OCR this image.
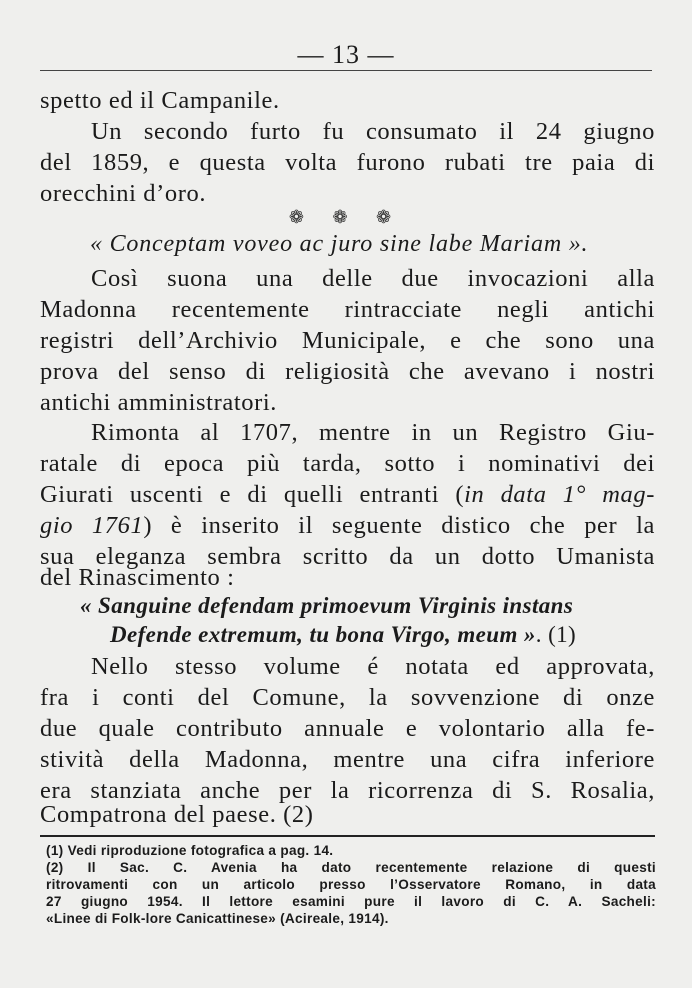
— 13 —
spetto ed il Campanile.
Un secondo furto fu consumato il 24 giugno
del 1859, e questa volta furono rubati tre paia di
orecchini d’oro.
❁ ❁ ❁
« Conceptam voveo ac juro sine labe Mariam ».
Così suona una delle due invocazioni alla
Madonna recentemente rintracciate negli antichi
registri dell’Archivio Municipale, e che sono una
prova del senso di religiosità che avevano i nostri
antichi amministratori.
Rimonta al 1707, mentre in un Registro Giu-
ratale di epoca più tarda, sotto i nominativi dei
Giurati uscenti e di quelli entranti (in data 1° mag-
gio 1761) è inserito il seguente distico che per la
sua eleganza sembra scritto da un dotto Umanista
del Rinascimento :
« Sanguine defendam primoevum Virginis instans
Defende extremum, tu bona Virgo, meum ». (1)
Nello stesso volume é notata ed approvata,
fra i conti del Comune, la sovvenzione di onze
due quale contributo annuale e volontario alla fe-
stività della Madonna, mentre una cifra inferiore
era stanziata anche per la ricorrenza di S. Rosalia,
Compatrona del paese. (2)
(1) Vedi riproduzione fotografica a pag. 14.
(2) Il Sac. C. Avenia ha dato recentemente relazione di questi
ritrovamenti con un articolo presso l’Osservatore Romano, in data
27 giugno 1954. Il lettore esamini pure il lavoro di C. A. Sacheli:
«Linee di Folk-lore Canicattinese» (Acireale, 1914).
